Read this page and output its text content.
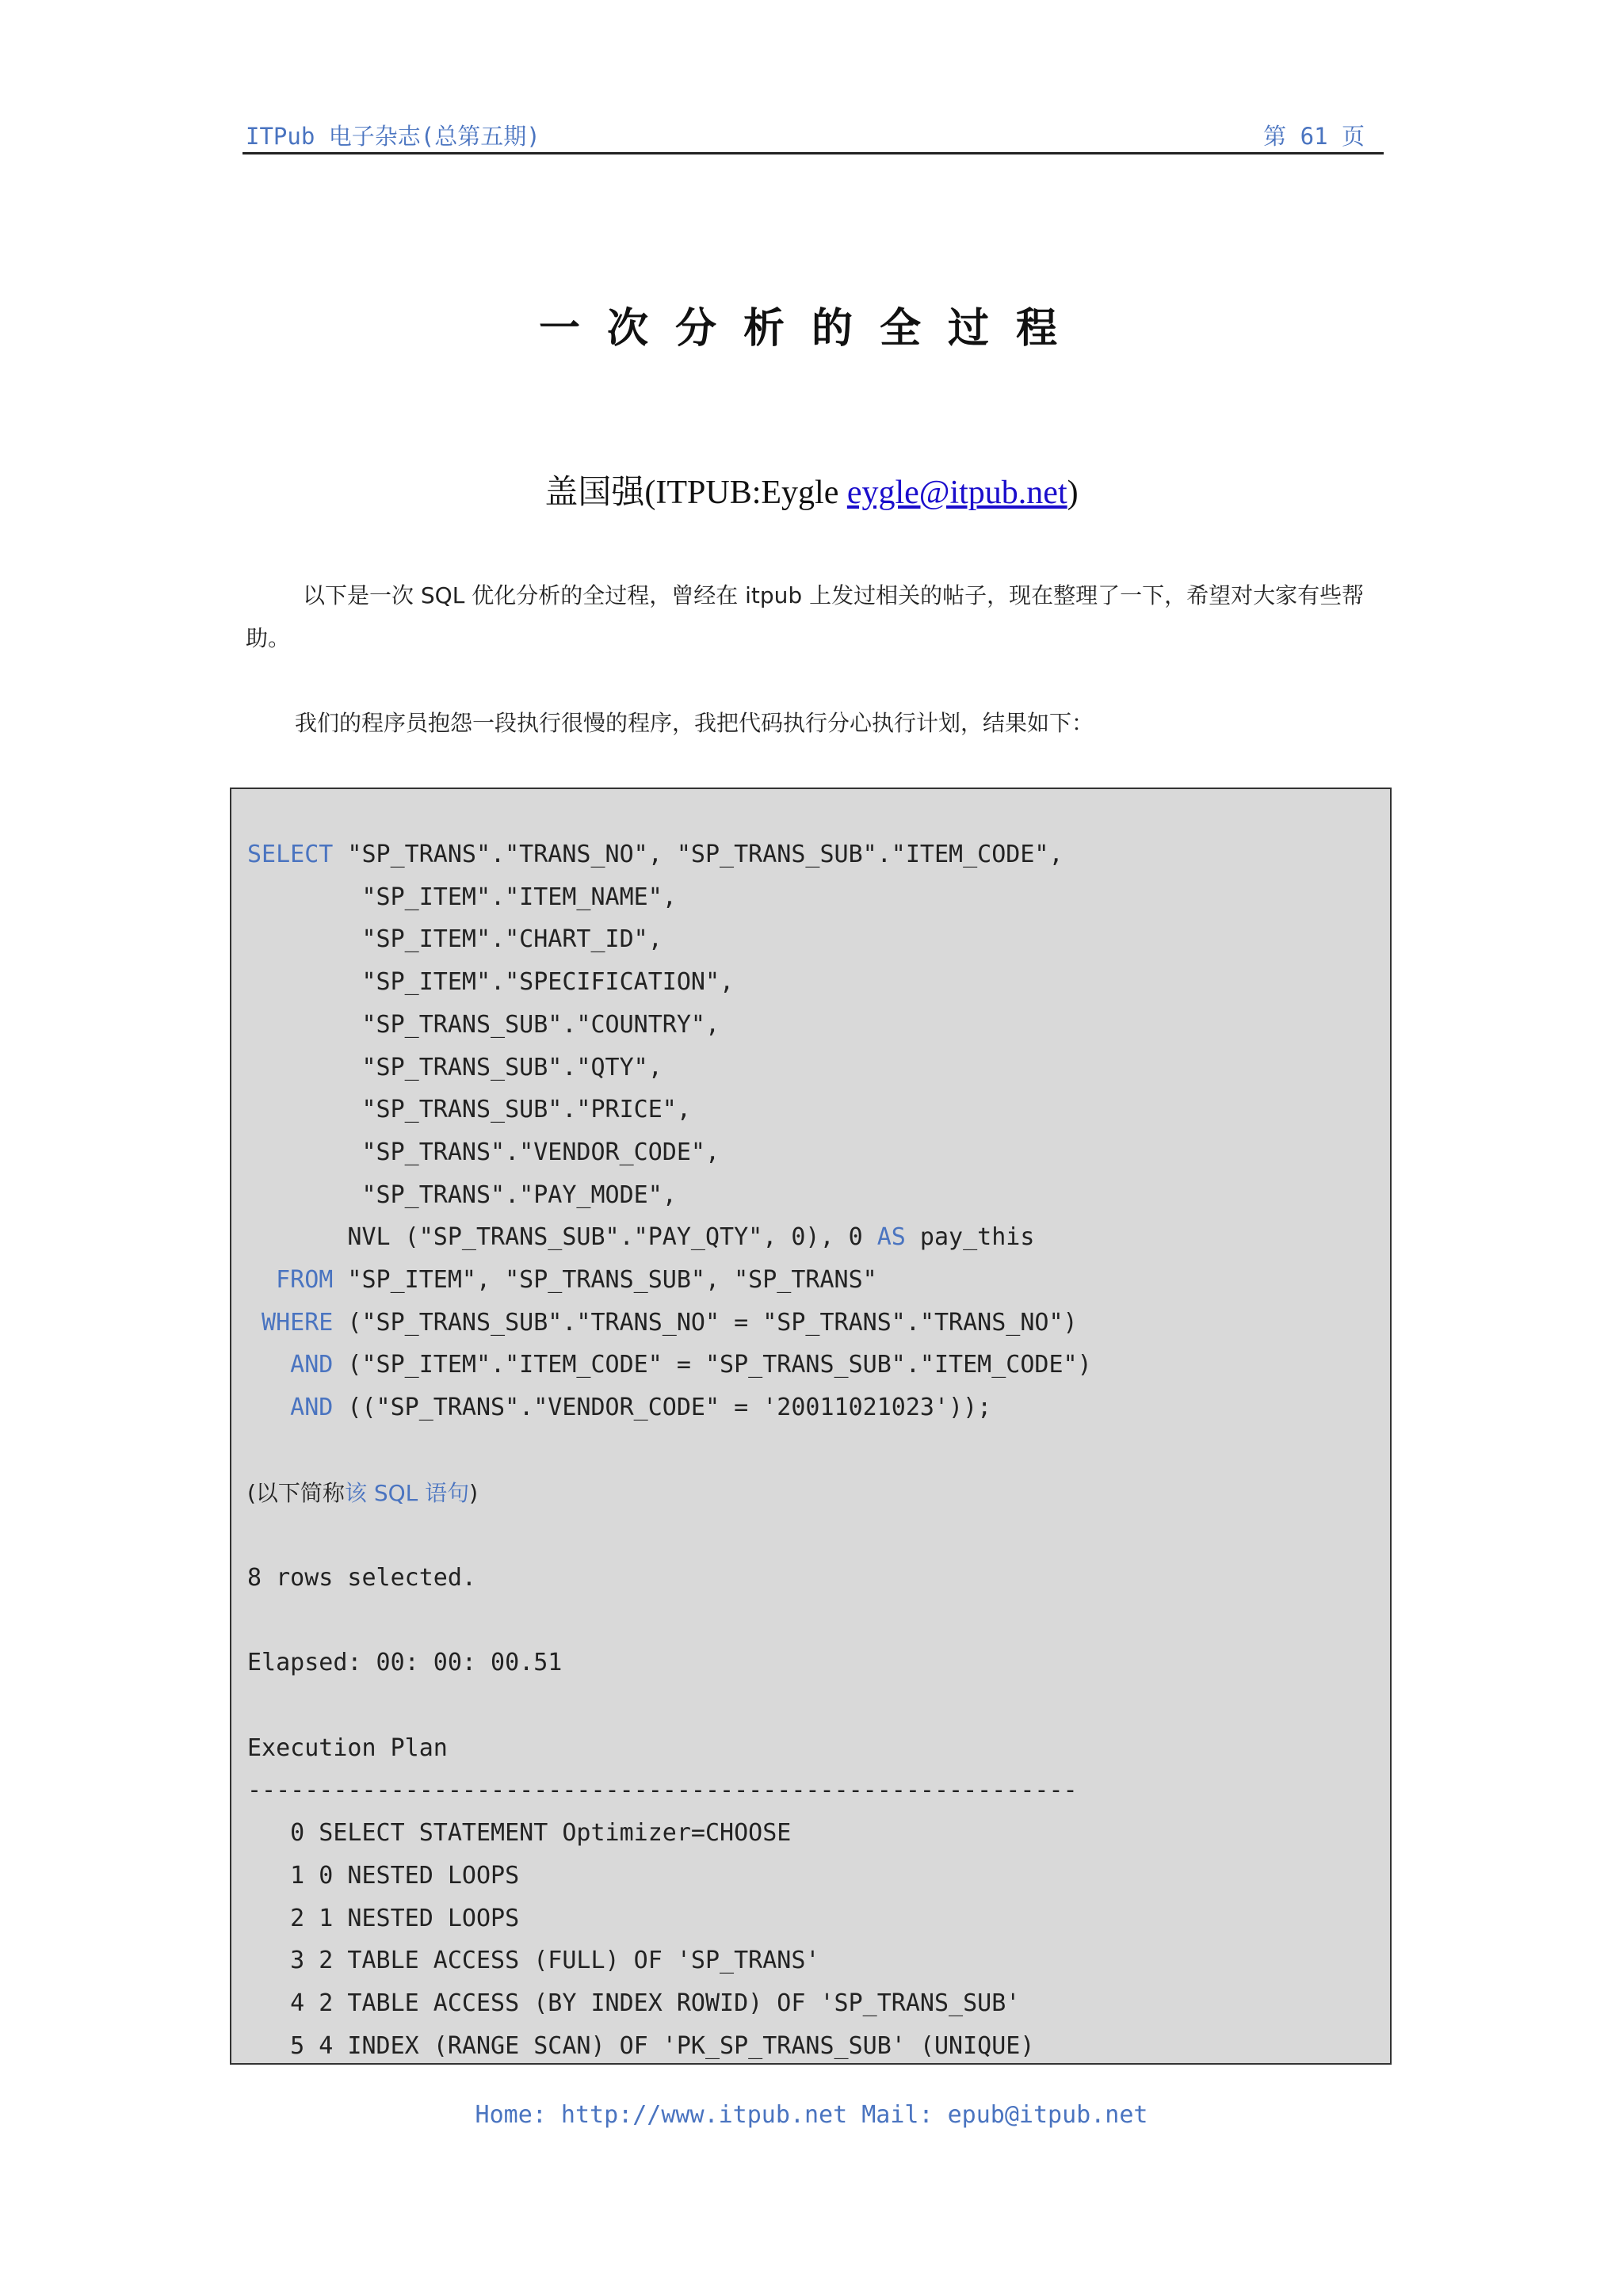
ITPub 电子杂志(总第五期)	第 61 页
一次分析的全过程
盖国强(ITPUB:Eygle eygle@itpub.net)
以下是一次 SQL 优化分析的全过程，曾经在 itpub 上发过相关的帖子，现在整理了一下，希望对大家有些帮助。
我们的程序员抱怨一段执行很慢的程序，我把代码执行分心执行计划，结果如下：
SELECT "SP_TRANS"."TRANS_NO", "SP_TRANS_SUB"."ITEM_CODE",
"SP_ITEM"."ITEM_NAME",
"SP_ITEM"."CHART_ID",
"SP_ITEM"."SPECIFICATION",
"SP_TRANS_SUB"."COUNTRY",
"SP_TRANS_SUB"."QTY",
"SP_TRANS_SUB"."PRICE",
"SP_TRANS"."VENDOR_CODE",
"SP_TRANS"."PAY_MODE",
NVL ("SP_TRANS_SUB"."PAY_QTY", 0), 0 AS pay_this
FROM "SP_ITEM", "SP_TRANS_SUB", "SP_TRANS"
WHERE ("SP_TRANS_SUB"."TRANS_NO" = "SP_TRANS"."TRANS_NO")
AND ("SP_ITEM"."ITEM_CODE" = "SP_TRANS_SUB"."ITEM_CODE")
AND (("SP_TRANS"."VENDOR_CODE" = '20011021023'));

(以下简称该 SQL 语句)

8 rows selected.

Elapsed: 00: 00: 00.51

Execution Plan
----------------------------------------------------------
0 SELECT STATEMENT Optimizer=CHOOSE
1 0 NESTED LOOPS
2 1 NESTED LOOPS
3 2 TABLE ACCESS (FULL) OF 'SP_TRANS'
4 2 TABLE ACCESS (BY INDEX ROWID) OF 'SP_TRANS_SUB'
5 4 INDEX (RANGE SCAN) OF 'PK_SP_TRANS_SUB' (UNIQUE)
Home: http://www.itpub.net Mail: epub@itpub.net
